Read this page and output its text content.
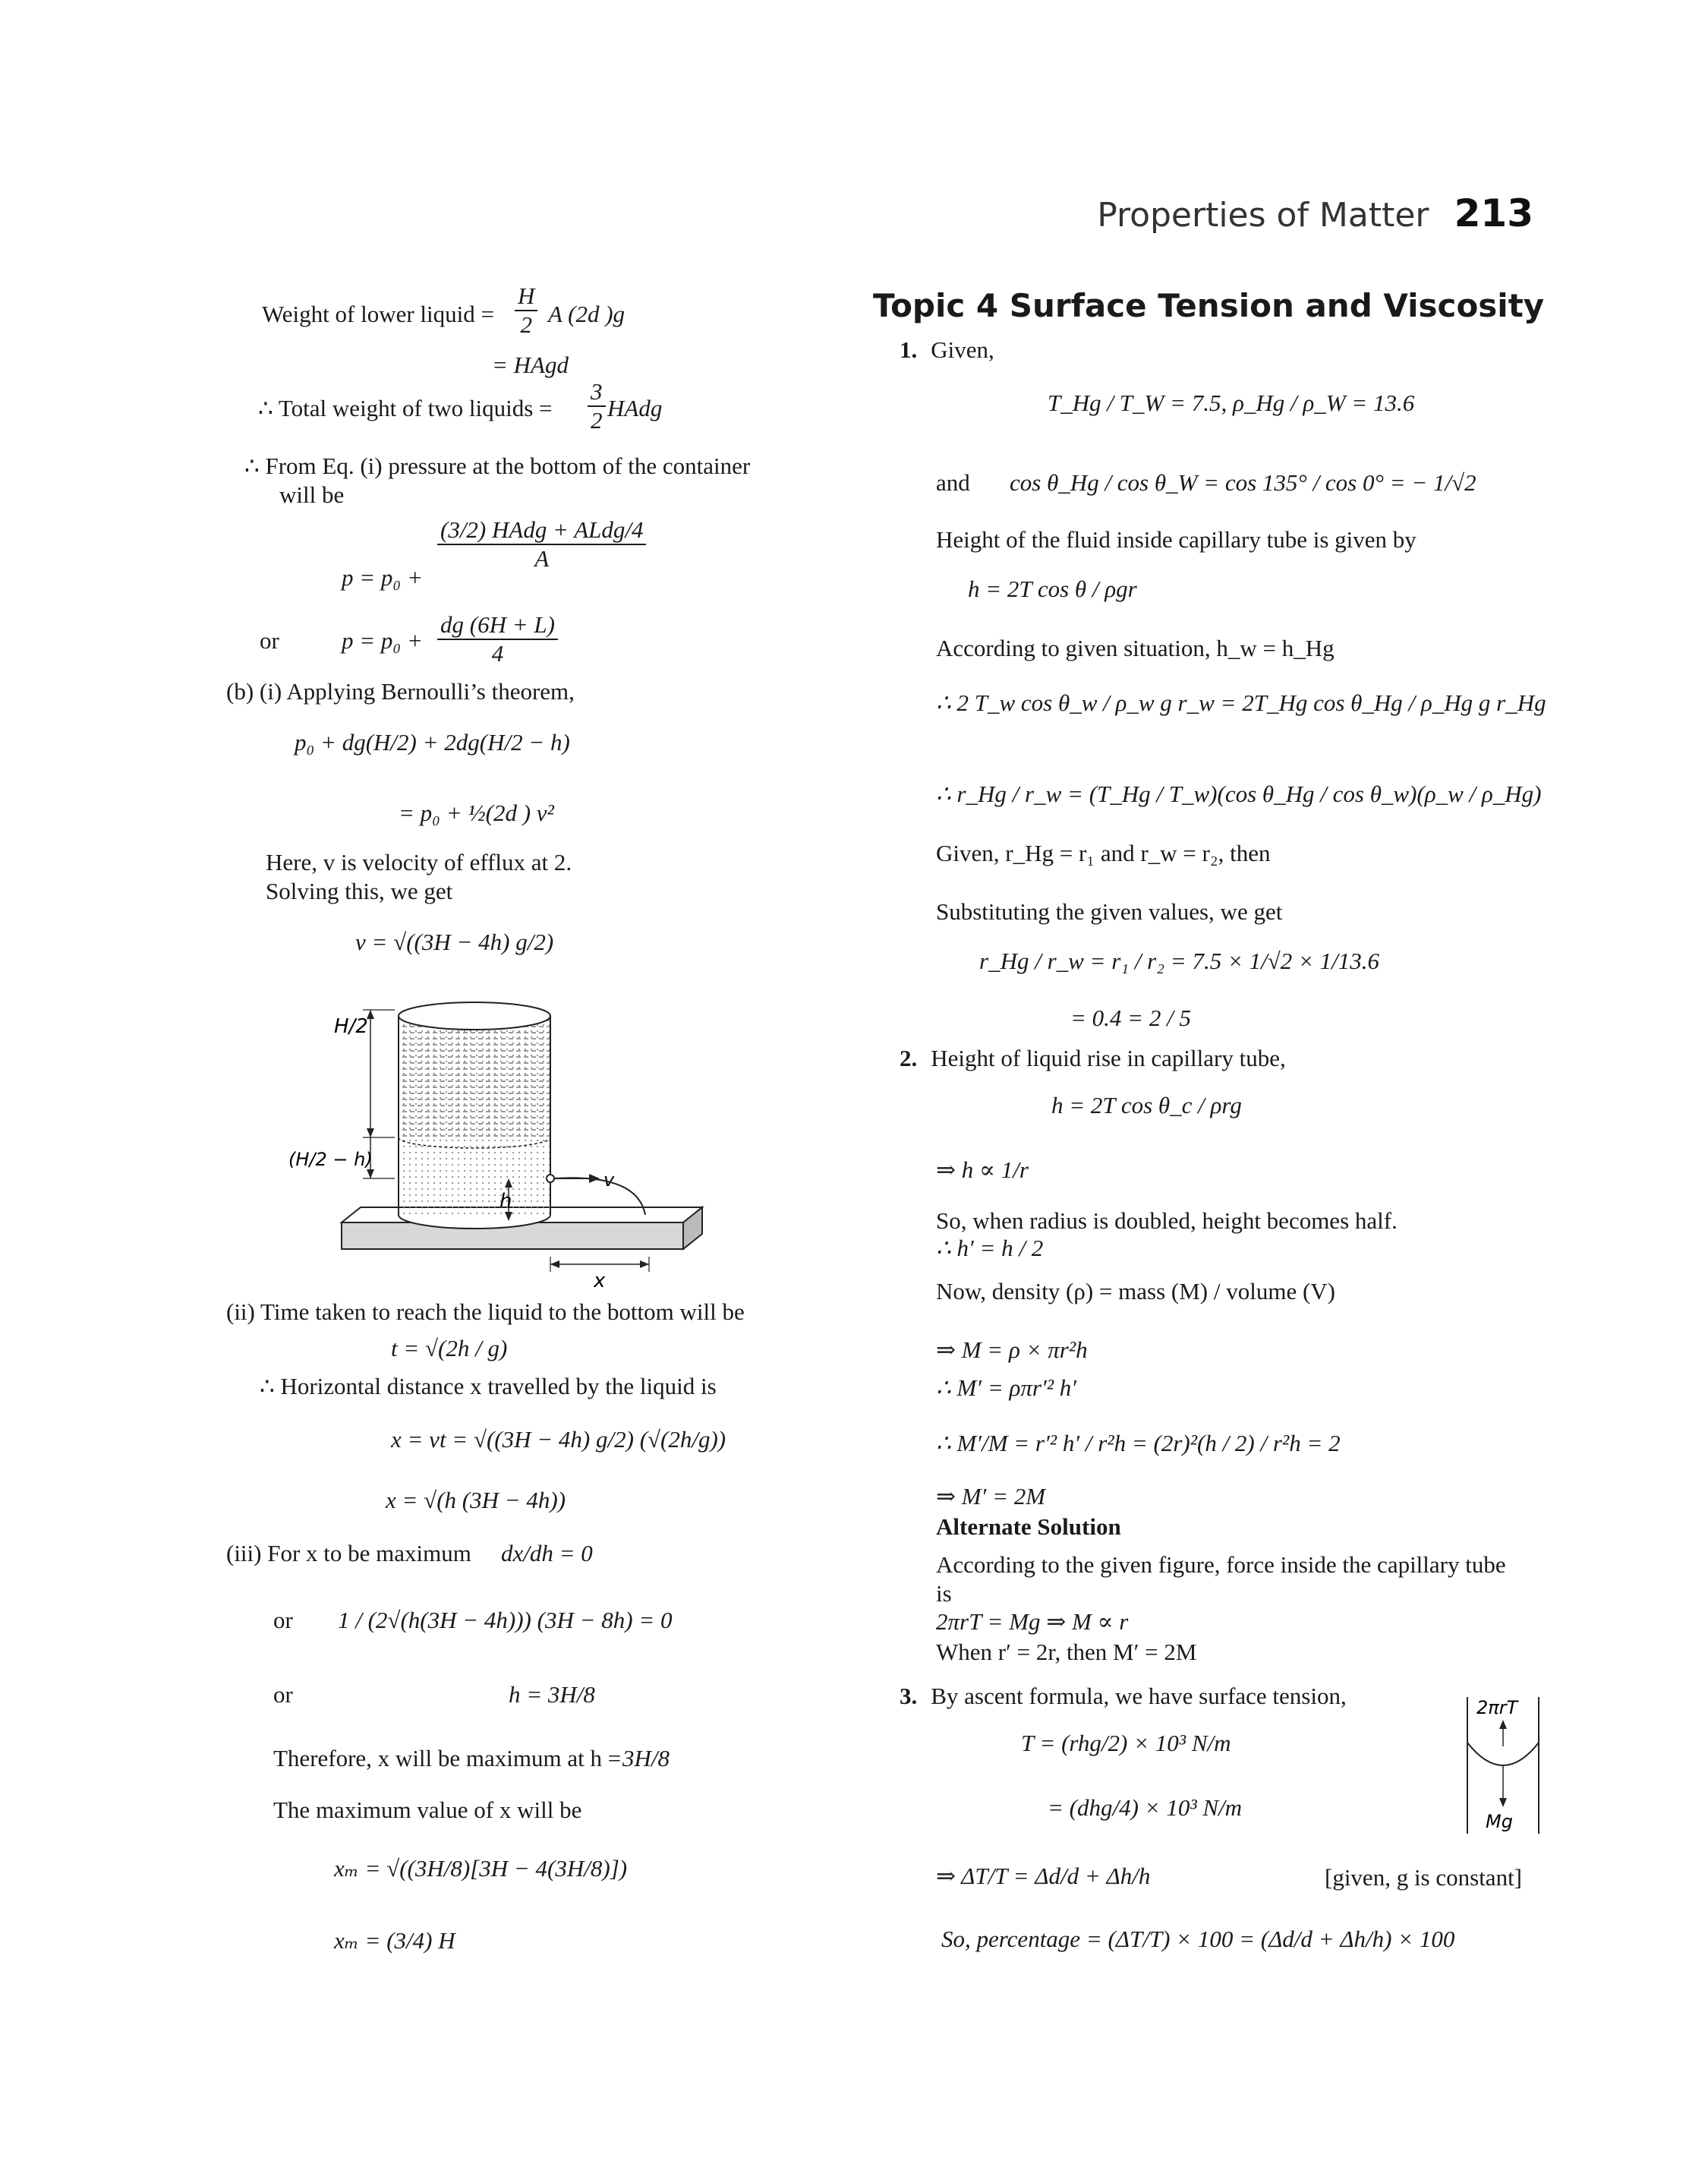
Properties of Matter 213
Weight of lower liquid = $\frac{H}{2}$ A (2d )g
= HAgd
∴ Total weight of two liquids = $\frac{3}{2}$ HAdg
∴ From Eq. (i) pressure at the bottom of the container
will be
p = p₀ +
$\frac{\text{(3/2) HAdg + ALdg/4}}{A}$
or	$p = p_0 + \frac{dg (6H + L)}{4}$
(b) (i) Applying Bernoulli’s theorem,
p₀ + dg(H/2) + 2dg(H/2 − h)
= p₀ + ½(2d ) v²
Here, v is velocity of efflux at 2.
Solving this, we get
v = √((3H − 4h) g/2)
H/2
(H/2 − h)
v
h
x
(ii) Time taken to reach the liquid to the bottom will be
t = √(2h / g)
∴ Horizontal distance x travelled by the liquid is
x = vt = √((3H − 4h) g/2) (√(2h/g))
x = √(h (3H − 4h))
(iii) For x to be maximum dx/dh = 0
or 1 / (2√(h(3H − 4h))) (3H − 8h) = 0
or	h = 3H/8
Therefore, x will be maximum at h = 3H/8
The maximum value of x will be
xₘ = √((3H/8)[3H − 4(3H/8)])
xₘ = (3/4) H
Topic 4 Surface Tension and Viscosity
1. Given,
T_Hg / T_W = 7.5, ρ_Hg / ρ_W = 13.6
and cos θ_Hg / cos θ_W = cos 135° / cos 0° = − 1/√2
Height of the fluid inside capillary tube is given by
h = 2T cos θ / ρgr
According to given situation, h_w = h_Hg
∴ 2 T_w cos θ_w / ρ_w g r_w = 2T_Hg cos θ_Hg / ρ_Hg g r_Hg
∴ r_Hg / r_w = (T_Hg / T_w)(cos θ_Hg / cos θ_w)(ρ_w / ρ_Hg)
Given, r_Hg = r₁ and r_w = r₂, then
Substituting the given values, we get
r_Hg / r_w = r₁ / r₂ = 7.5 × 1/√2 × 1/13.6
= 0.4 = 2 / 5
2. Height of liquid rise in capillary tube,
h = 2T cos θ_c / ρrg
⇒ h ∝ 1/r
So, when radius is doubled, height becomes half.
∴ h′ = h / 2
Now, density (ρ) = mass (M) / volume (V)
⇒ M = ρ × πr²h
∴ M′ = ρπr′² h′
∴ M′/M = r′² h′ / r²h = (2r)²(h / 2) / r²h = 2
⇒ M′ = 2M
Alternate Solution
According to the given figure, force inside the capillary tube
is
2πrT = Mg ⇒ M ∝ r
When r′ = 2r, then M′ = 2M
3. By ascent formula, we have surface tension,
T = (rhg/2) × 10³ N/m
= (dhg/4) × 10³ N/m
⇒ ΔT/T = Δd/d + Δh/h	[given, g is constant]
So, percentage = (ΔT/T) × 100 = (Δd/d + Δh/h) × 100
2πrT
Mg
